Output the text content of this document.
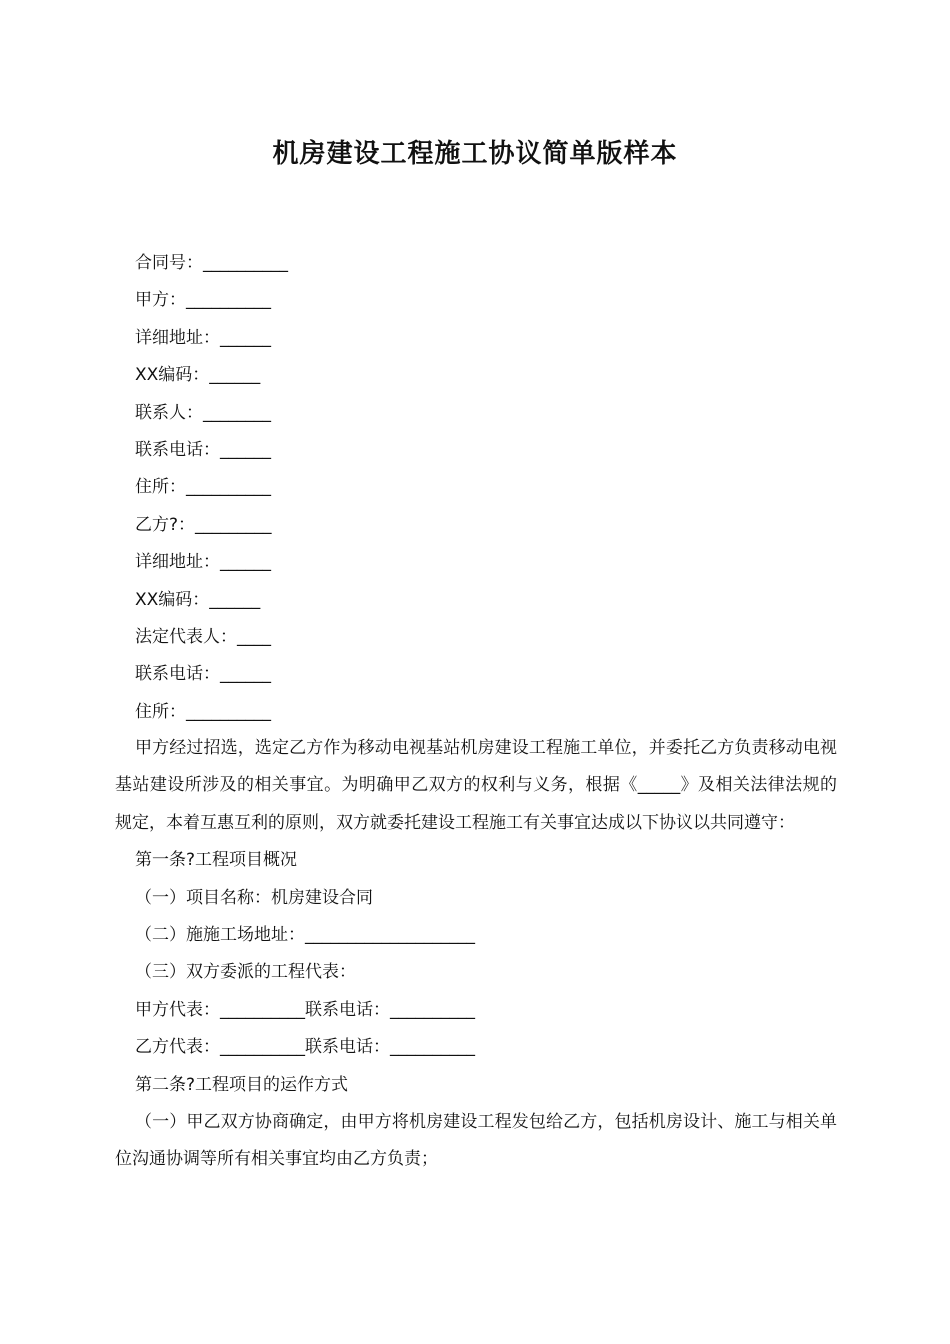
机房建设工程施工协议简单版样本
合同号：__________
甲方：__________
详细地址：______
XX编码：______
联系人：________
联系电话：______
住所：__________
乙方?：_________
详细地址：______
XX编码：______
法定代表人：____
联系电话：______
住所：__________

甲方经过招选，选定乙方作为移动电视基站机房建设工程施工单位，并委托乙方负责移动电视基站建设所涉及的相关事宜。为明确甲乙双方的权利与义务，根据《_____》及相关法律法规的规定，本着互惠互利的原则，双方就委托建设工程施工有关事宜达成以下协议以共同遵守：

第一条?工程项目概况
（一）项目名称：机房建设合同
（二）施施工场地址：____________________
（三）双方委派的工程代表：
甲方代表：__________联系电话：__________
乙方代表：__________联系电话：__________
第二条?工程项目的运作方式

（一）甲乙双方协商确定，由甲方将机房建设工程发包给乙方，包括机房设计、施工与相关单位沟通协调等所有相关事宜均由乙方负责；
